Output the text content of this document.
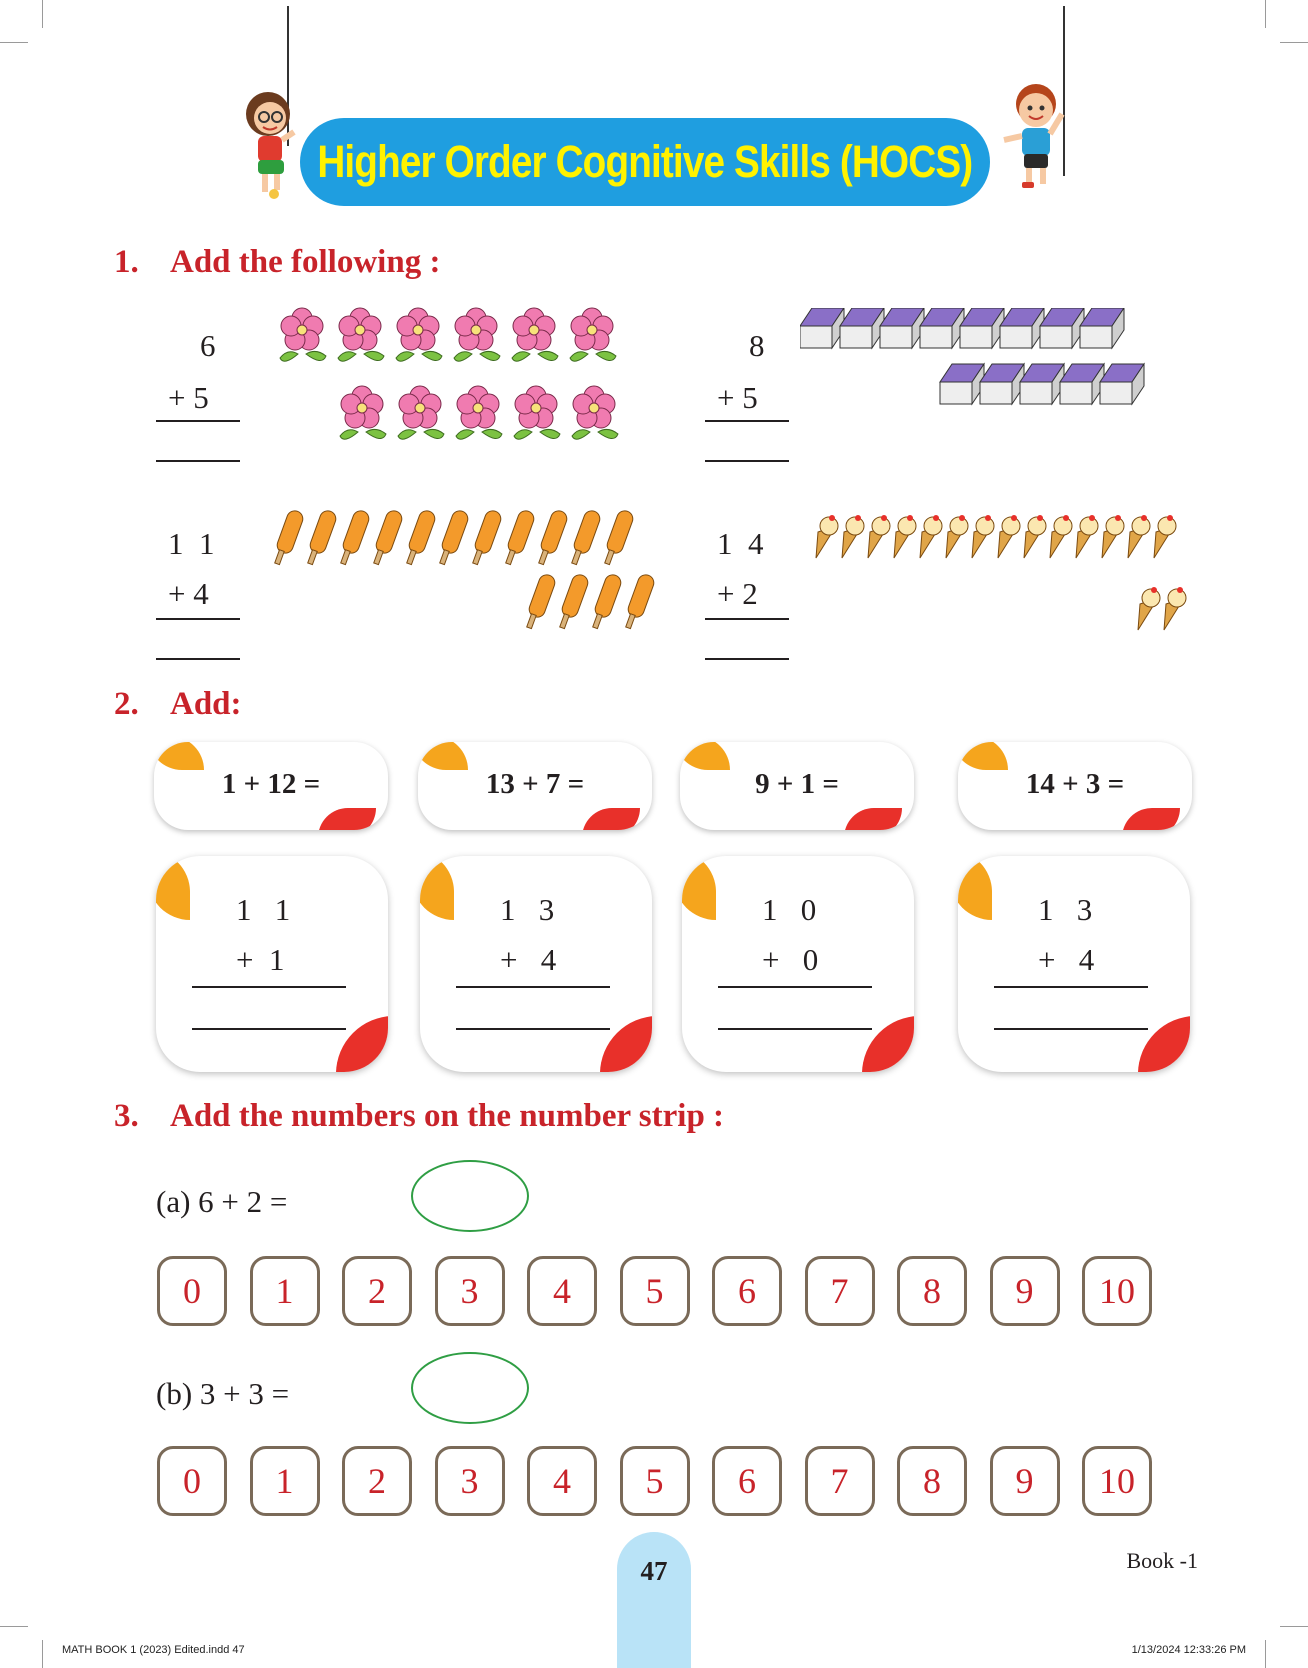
Higher Order Cognitive Skills (HOCS)
1. Add the following :
6
+ 5
8
+ 5
1  1
+ 4
1  4
+ 2
2. Add:
1 + 12 =	13 + 7 =	9 + 1 =	14 + 3 =
1   1
+  1
1   3
+   4
1   0
+   0
1   3
+   4
3. Add the numbers on the number strip :
(a) 6 + 2 =
0	1	2	3	4	5	6	7	8	9	10
(b) 3 + 3 =
0	1	2	3	4	5	6	7	8	9	10
47	Book -1
MATH BOOK 1 (2023) Edited.indd 47	1/13/2024 12:33:26 PM
